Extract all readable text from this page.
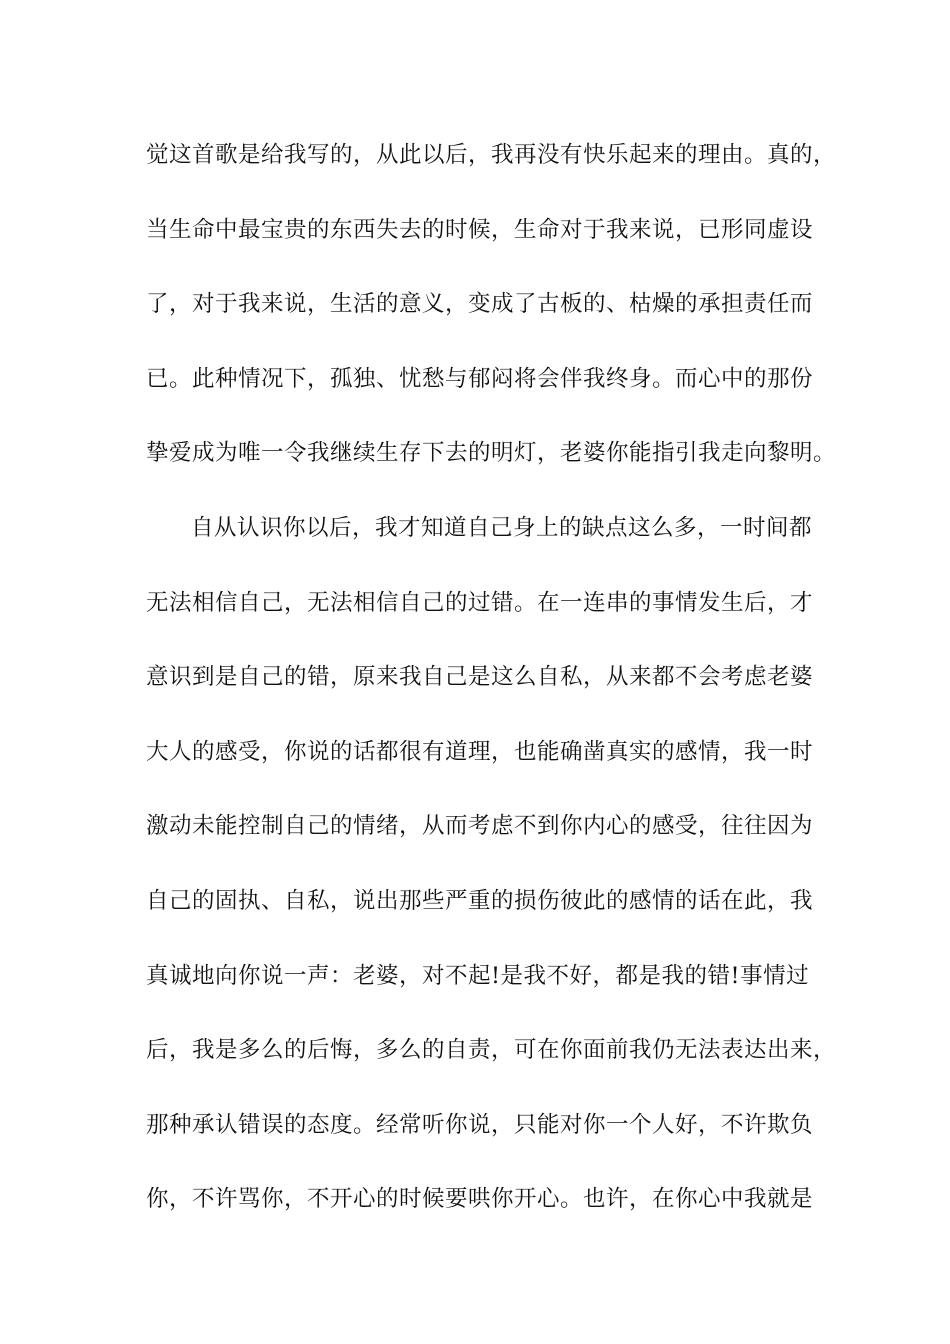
觉这首歌是给我写的，从此以后，我再没有快乐起来的理由。真的，
当生命中最宝贵的东西失去的时候，生命对于我来说，已形同虚设
了，对于我来说，生活的意义，变成了古板的、枯燥的承担责任而
已。此种情况下，孤独、忧愁与郁闷将会伴我终身。而心中的那份
挚爱成为唯一令我继续生存下去的明灯，老婆你能指引我走向黎明。
自从认识你以后，我才知道自己身上的缺点这么多，一时间都
无法相信自己，无法相信自己的过错。在一连串的事情发生后，才
意识到是自己的错，原来我自己是这么自私，从来都不会考虑老婆
大人的感受，你说的话都很有道理，也能确凿真实的感情，我一时
激动未能控制自己的情绪，从而考虑不到你内心的感受，往往因为
自己的固执、自私，说出那些严重的损伤彼此的感情的话在此，我
真诚地向你说一声：老婆，对不起!是我不好，都是我的错!事情过
后，我是多么的后悔，多么的自责，可在你面前我仍无法表达出来，
那种承认错误的态度。经常听你说，只能对你一个人好，不许欺负
你，不许骂你，不开心的时候要哄你开心。也许，在你心中我就是
